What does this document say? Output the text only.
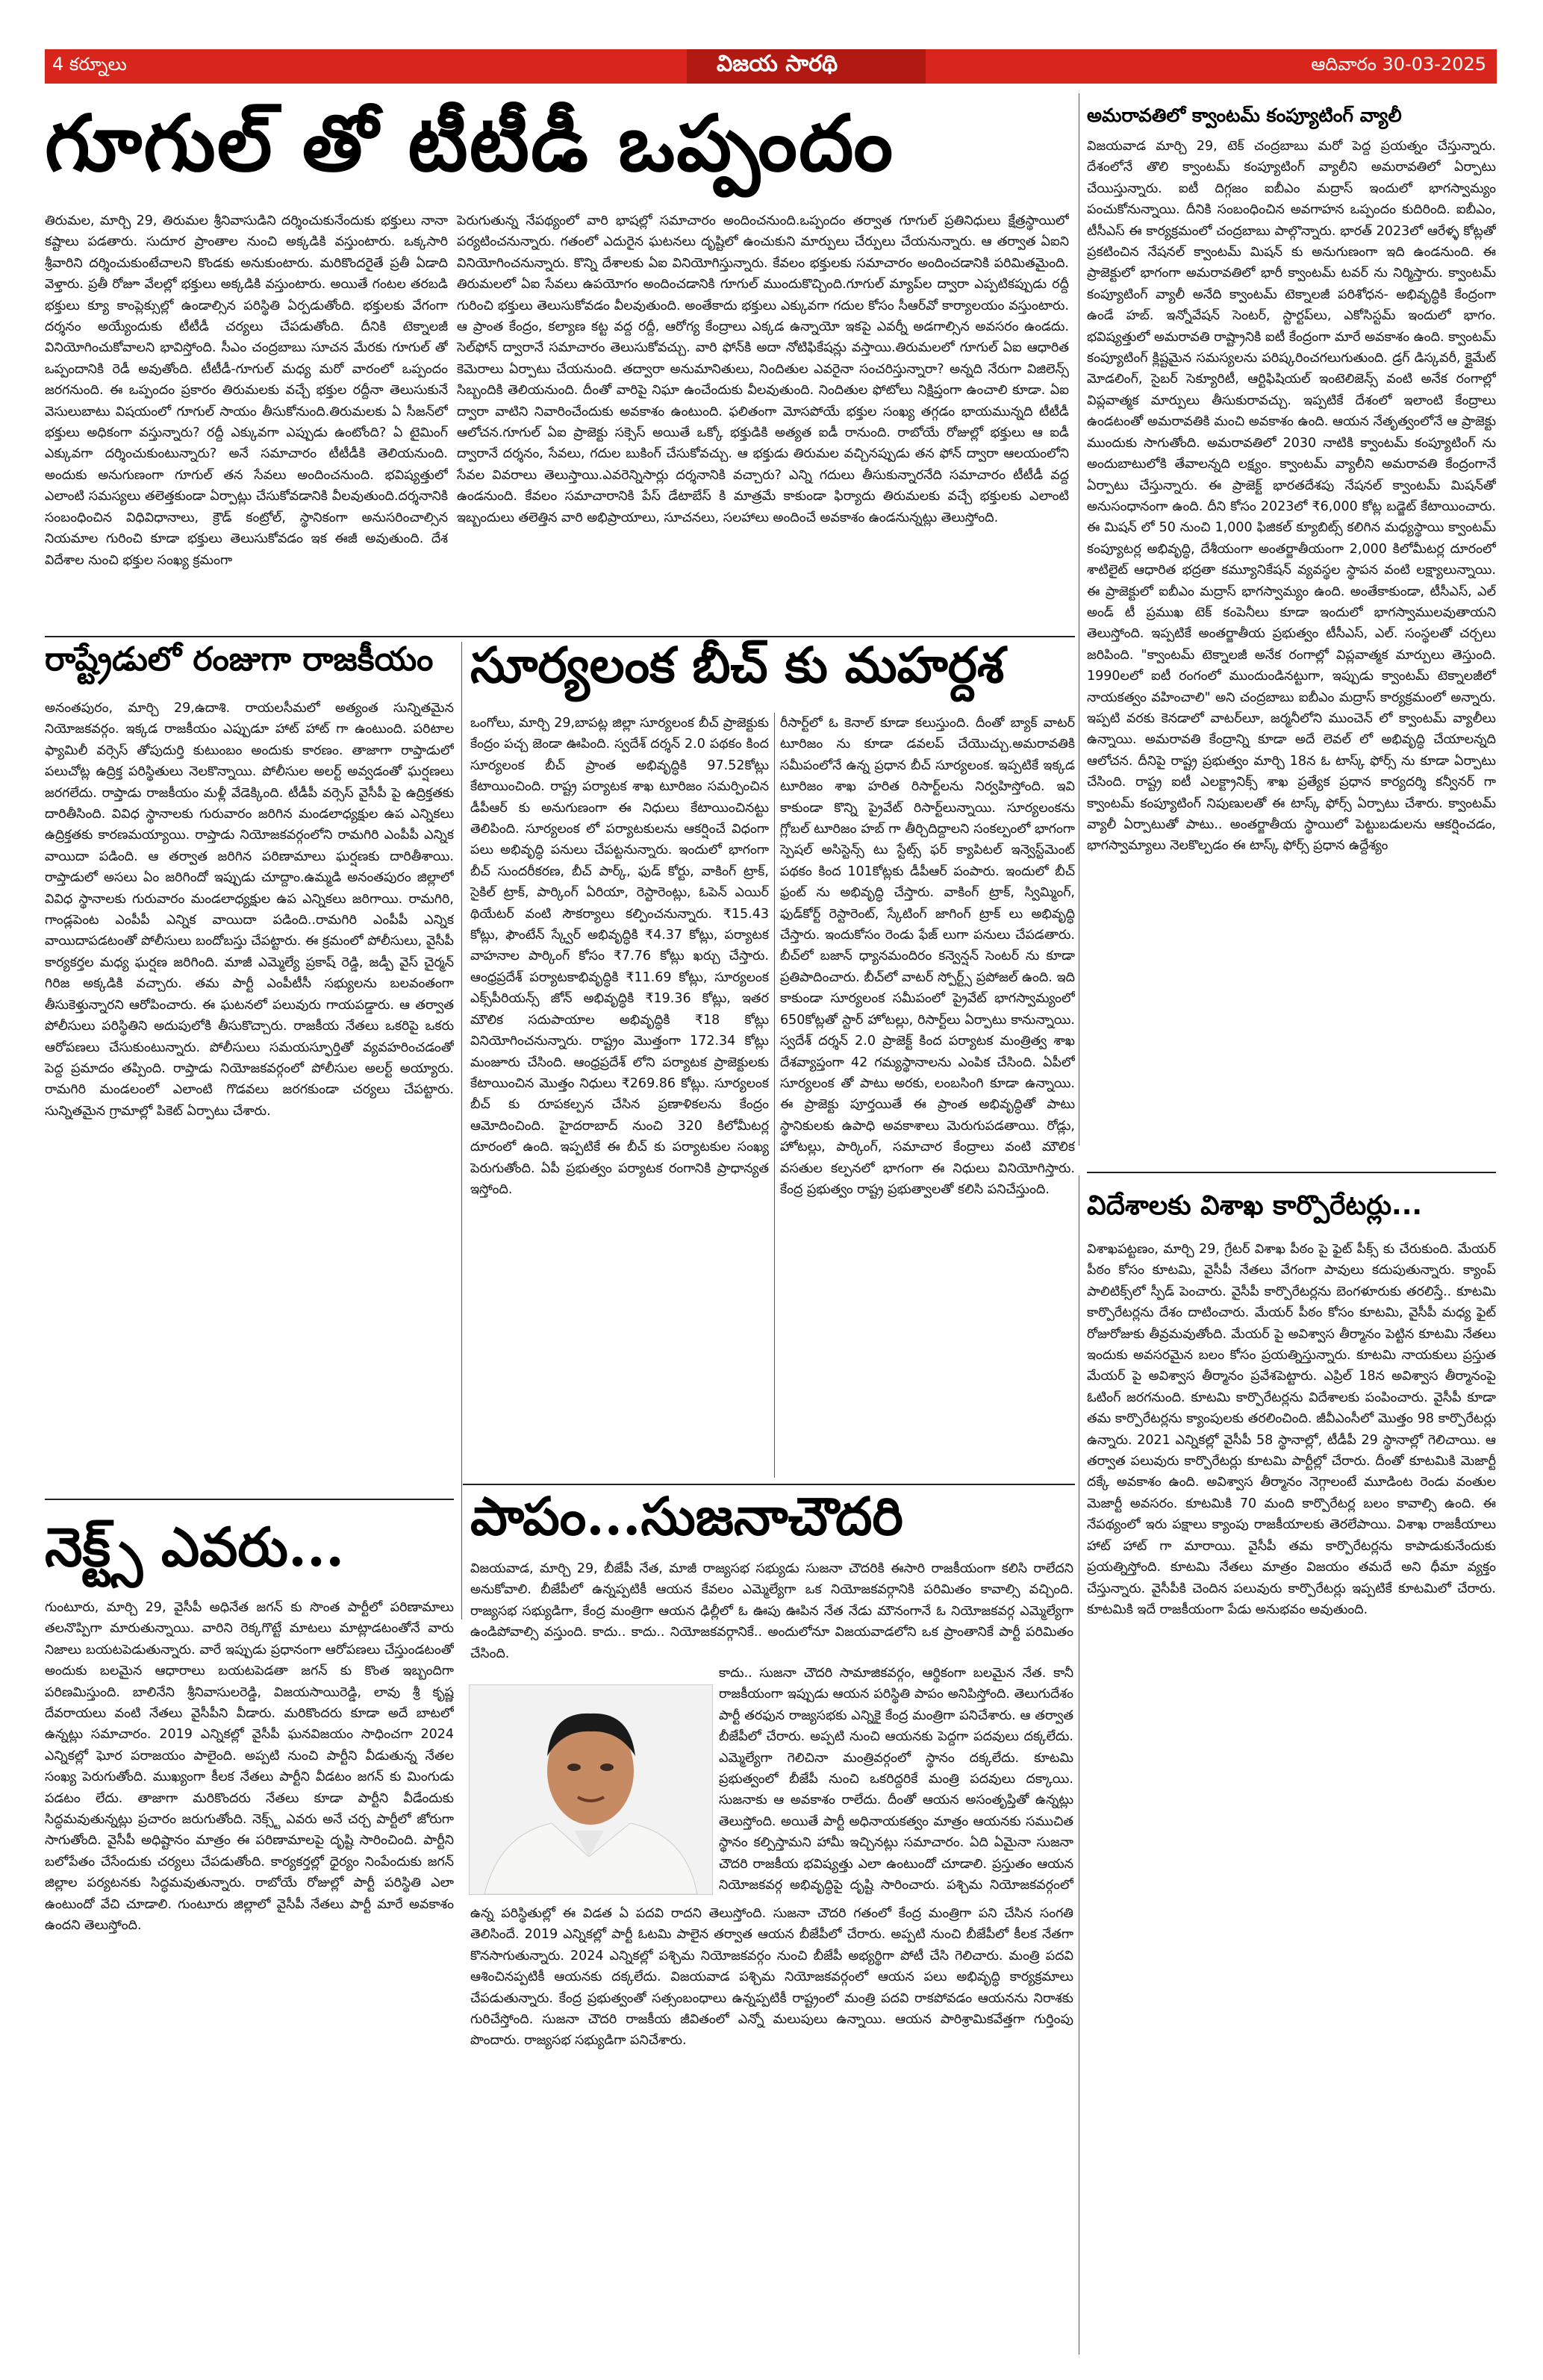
4 కర్నూలు	విజయ సారథి	ఆదివారం 30-03-2025
గూగుల్ తో టీటీడీ ఒప్పందం
తిరుమల, మార్చి 29, తిరుమల శ్రీనివాసుడిని దర్శించుకునేందుకు భక్తులు నానా కష్టాలు పడతారు. సుదూర ప్రాంతాల నుంచి అక్కడికి వస్తుంటారు. ఒక్కసారి శ్రీవారిని దర్శించుకుంటేచాలని కొండకు అనుకుంటారు. మరికొందరైతే ప్రతీ ఏడాది వెళ్తారు. ప్రతీ రోజూ వేలల్లో భక్తులు అక్కడికి వస్తుంటారు. అయితే గంటల తరబడి భక్తులు క్యూ కాంప్లెక్సుల్లో ఉండాల్సిన పరిస్థితి ఏర్పడుతోంది. భక్తులకు వేగంగా దర్శనం అయ్యేందుకు టీటీడీ చర్యలు చేపడుతోంది. దీనికి టెక్నాలజీ వినియోగించుకోవాలని భావిస్తోంది. సీఎం చంద్రబాబు సూచన మేరకు గూగుల్ తో ఒప్పందానికి రెడీ అవుతోంది. టీటీడీ-గూగుల్ మధ్య మరో వారంలో ఒప్పందం జరగనుంది. ఈ ఒప్పందం ప్రకారం తిరుమలకు వచ్చే భక్తుల రద్దీనా తెలుసుకునే వెసులుబాటు విషయంలో గూగుల్ సాయం తీసుకోనుంది.తిరుమలకు ఏ సీజన్‌లో భక్తులు అధికంగా వస్తున్నారు? రద్దీ ఎక్కువగా ఎప్పుడు ఉంటోంది? ఏ టైమింగ్ ఎక్కువగా దర్శించుకుంటున్నారు? అనే సమాచారం టీటీడీకి తెలియనుంది. అందుకు అనుగుణంగా గూగుల్ తన సేవలు అందించనుంది. భవిష్యత్తులో ఎలాంటి సమస్యలు తలెత్తకుండా ఏర్పాట్లు చేసుకోవడానికి వీలవుతుంది.దర్శనానికి సంబంధించిన విధివిధానాలు, క్రౌడ్ కంట్రోల్, స్థానికంగా అనుసరించాల్సిన నియమాల గురించి కూడా భక్తులు తెలుసుకోవడం ఇక ఈజీ అవుతుంది. దేశ విదేశాల నుంచి భక్తుల సంఖ్య క్రమంగా
పెరుగుతున్న నేపథ్యంలో వారి భాషల్లో సమాచారం అందించనుంది.ఒప్పందం తర్వాత గూగుల్ ప్రతినిధులు క్షేత్రస్థాయిలో పర్యటించనున్నారు. గతంలో ఎదురైన ఘటనలు దృష్టిలో ఉంచుకుని మార్పులు చేర్పులు చేయనున్నారు. ఆ తర్వాత ఏఐని వినియోగించనున్నారు. కొన్ని దేశాలకు ఏఐ వినియోగిస్తున్నారు. కేవలం భక్తులకు సమాచారం అందించడానికి పరిమితమైంది. తిరుమలలో ఏఐ సేవలు ఉపయోగం అందించడానికి గూగుల్ ముందుకొచ్చింది.గూగుల్ మ్యాప్‌ల ద్వారా ఎప్పటికప్పుడు రద్దీ గురించి భక్తులు తెలుసుకోవడం వీలవుతుంది. అంతేకాదు భక్తులు ఎక్కువగా గదుల కోసం సీఆర్‌వో కార్యాలయం వస్తుంటారు. ఆ ప్రాంత కేంద్రం, కల్యాణ కట్ట వద్ద రద్దీ, ఆరోగ్య కేంద్రాలు ఎక్కడ ఉన్నాయో ఇకపై ఎవర్నీ అడగాల్సిన అవసరం ఉండదు. సెల్‌ఫోన్ ద్వారానే సమాచారం తెలుసుకోవచ్చు. వారి ఫోన్‌కి అదా నోటిఫికేషన్లు వస్తాయి.తిరుమలలో గూగుల్ ఏఐ ఆధారిత కెమెరాలు ఏర్పాటు చేయనుంది. తద్వారా అనుమానితులు, నిందితుల ఎవరైనా సంచరిస్తున్నారా? అన్నది నేరుగా విజిలెన్స్ సిబ్బందికి తెలియనుంది. దీంతో వారిపై నిఘా ఉంచేందుకు వీలవుతుంది. నిందితుల ఫోటోలు నిక్షిప్తంగా ఉంచాలి కూడా. ఏఐ ద్వారా వాటిని నివారించేందుకు అవకాశం ఉంటుంది. ఫలితంగా మోసపోయే భక్తుల సంఖ్య తగ్గడం భాయమున్నది టీటీడీ ఆలోచన.గూగుల్ ఏఐ ప్రాజెక్టు సక్సెస్ అయితే ఒక్కో భక్తుడికి అత్యత ఐడీ రానుంది. రాబోయే రోజుల్లో భక్తులు ఆ ఐడీ ద్వారానే దర్శనం, సేవలు, గదుల బుకింగ్ చేసుకోవచ్చు. ఆ భక్తుడు తిరుమల వచ్చినప్పుడు తన ఫోన్ ద్వారా ఆలయంలోని సేవల వివరాలు తెలుస్తాయి.ఎవరెన్నిసార్లు దర్శనానికి వచ్చారు? ఎన్ని గదులు తీసుకున్నారనేది సమాచారం టీటీడీ వద్ద ఉండనుంది. కేవలం సమాచారానికి పేస్ డేటాబేస్ కి మాత్రమే కాకుండా ఫిర్యాదు తిరుమలకు వచ్చే భక్తులకు ఎలాంటి ఇబ్బందులు తలెత్తిన వారి అభిప్రాయాలు, సూచనలు, సలహాలు అందించే అవకాశం ఉండనున్నట్లు తెలుస్తోంది.
అమరావతిలో క్వాంటమ్ కంప్యూటింగ్ వ్యాలీ
విజయవాడ మార్చి 29, టెక్ చంద్రబాబు మరో పెద్ద ప్రయత్నం చేస్తున్నారు. దేశంలోనే తొలి క్వాంటమ్ కంప్యూటింగ్ వ్యాలీని అమరావతిలో ఏర్పాటు చేయిస్తున్నారు. ఐటీ దిగ్గజం ఐబీఎం మద్రాస్ ఇందులో భాగస్వామ్యం పంచుకోనున్నాయి. దీనికి సంబంధించిన అవగాహన ఒప్పందం కుదిరింది. ఐబీఎం, టీసీఎస్ ఈ కార్యక్రమంలో చంద్రబాబు పాల్గొన్నారు. భారత్ 2023లో ఆరేళ్ళ కోట్లతో ప్రకటించిన నేషనల్ క్వాంటమ్ మిషన్ కు అనుగుణంగా ఇది ఉండనుంది. ఈ ప్రాజెక్టులో భాగంగా అమరావతిలో భారీ క్వాంటమ్ టవర్ ను నిర్మిస్తారు. క్వాంటమ్ కంప్యూటింగ్ వ్యాలీ అనేది క్వాంటమ్ టెక్నాలజీ పరిశోధన- అభివృద్ధికి కేంద్రంగా ఉండే హబ్. ఇన్నోవేషన్ సెంటర్, స్టార్టప్‌లు, ఎకోసిస్టమ్ ఇందులో భాగం. భవిష్యత్తులో అమరావతి రాష్ట్రానికి ఐటీ కేంద్రంగా మారే అవకాశం ఉంది. క్వాంటమ్ కంప్యూటింగ్ క్లిష్టమైన సమస్యలను పరిష్కరించగలుగుతుంది. డ్రగ్ డిస్కవరీ, క్లైమేట్ మోడలింగ్, సైబర్ సెక్యూరిటీ, ఆర్టిఫిషియల్ ఇంటెలిజెన్స్ వంటి అనేక రంగాల్లో విప్లవాత్మక మార్పులు తీసుకురావచ్చు. ఇప్పటికే దేశంలో ఇలాంటి కేంద్రాలు ఉండటంతో అమరావతికి మంచి అవకాశం ఉంది. ఆయన నేతృత్వంలోనే ఆ ప్రాజెక్టు ముందుకు సాగుతోంది. అమరావతిలో 2030 నాటికి క్వాంటమ్ కంప్యూటింగ్ ను అందుబాటులోకి తేవాలన్నది లక్ష్యం. క్వాంటమ్ వ్యాలీని అమరావతి కేంద్రంగానే ఏర్పాటు చేస్తున్నారు. ఈ ప్రాజెక్ట్ భారతదేశపు నేషనల్ క్వాంటమ్ మిషన్‌తో అనుసంధానంగా ఉంది. దీని కోసం 2023లో ₹6,000 కోట్ల బడ్జెట్ కేటాయించారు. ఈ మిషన్ లో 50 నుంచి 1,000 ఫిజికల్ క్యూబిట్స్ కలిగిన మధ్యస్థాయి క్వాంటమ్ కంప్యూటర్ల అభివృద్ధి, దేశీయంగా అంతర్జాతీయంగా 2,000 కిలోమీటర్ల దూరంలో శాటిలైట్ ఆధారిత భద్రతా కమ్యూనికేషన్ వ్యవస్థల స్థాపన వంటి లక్ష్యాలున్నాయి. ఈ ప్రాజెక్టులో ఐబీఎం మద్రాస్ భాగస్వామ్యం ఉంది. అంతేకాకుండా, టీసీఎస్, ఎల్ అండ్ టీ ప్రముఖ టెక్ కంపెనీలు కూడా ఇందులో భాగస్వాములవుతాయని తెలుస్తోంది. ఇప్పటికే అంతర్జాతీయ ప్రభుత్వం టీసీఎస్, ఎల్. సంస్థలతో చర్చలు జరిపింది. "క్వాంటమ్ టెక్నాలజీ అనేక రంగాల్లో విప్లవాత్మక మార్పులు తెస్తుంది. 1990లలో ఐటీ రంగంలో ముందుండినట్టుగా, ఇప్పుడు క్వాంటమ్ టెక్నాలజీలో నాయకత్వం వహించాలి" అని చంద్రబాబు ఐబీఎం మద్రాస్ కార్యక్రమంలో అన్నారు. ఇప్పటి వరకు కెనడాలో వాటర్‌లూ, జర్మనీలోని ముంచెన్ లో క్వాంటమ్ వ్యాలీలు ఉన్నాయి. అమరావతి కేంద్రాన్ని కూడా అదే లెవల్ లో అభివృద్ధి చేయాలన్నది ఆలోచన. దీనిపై రాష్ట్ర ప్రభుత్వం మార్చి 18న ఓ టాస్క్ ఫోర్స్ ను కూడా ఏర్పాటు చేసింది. రాష్ట్ర ఐటీ ఎలక్ట్రానిక్స్ శాఖ ప్రత్యేక ప్రధాన కార్యదర్శి కన్వీనర్ గా క్వాంటమ్ కంప్యూటింగ్ నిపుణులతో ఈ టాస్క్ ఫోర్స్ ఏర్పాటు చేశారు. క్వాంటమ్ వ్యాలీ ఏర్పాటుతో పాటు.. అంతర్జాతీయ స్థాయిలో పెట్టుబడులను ఆకర్షించడం, భాగస్వామ్యాలు నెలకొల్పడం ఈ టాస్క్ ఫోర్స్ ప్రధాన ఉద్దేశ్యం
రాష్ట్రేడులో రంజుగా రాజకీయం
అనంతపురం, మార్చి 29,ఉదాశి. రాయలసీమలో అత్యంత సున్నితమైన నియోజకవర్గం. ఇక్కడ రాజకీయం ఎప్పుడూ హాట్ హాట్ గా ఉంటుంది. పరిటాల ఫ్యామిలీ వర్సెస్ తోపుదుర్తి కుటుంబం అందుకు కారణం. తాజాగా రాప్తాడులో పలుచోట్ల ఉద్రిక్త పరిస్థితులు నెలకొన్నాయి. పోలీసుల అలర్ట్ అవ్వడంతో ఘర్షణలు జరగలేదు. రాప్తాడు రాజకీయం మళ్లీ వేడెక్కింది. టీడీపీ వర్సెస్ వైసీపీ పై ఉద్రిక్తతకు దారితీసింది. వివిధ స్థానాలకు గురువారం జరిగిన మండలాధ్యక్షుల ఉప ఎన్నికలు ఉద్రిక్తతకు కారణమయ్యాయి. రాప్తాడు నియోజకవర్గంలోని రామగిరి ఎంపీపీ ఎన్నిక వాయిదా పడింది. ఆ తర్వాత జరిగిన పరిణామాలు ఘర్షణకు దారితీశాయి. రాప్తాడులో అసలు ఏం జరిగిందో ఇప్పుడు చూద్దాం.ఉమ్మడి అనంతపురం జిల్లాలో వివిధ స్థానాలకు గురువారం మండలాధ్యక్షుల ఉప ఎన్నికలు జరిగాయి. రామగిరి, గాండ్లపెంట ఎంపీపీ ఎన్నిక వాయిదా పడింది..రామగిరి ఎంపీపీ ఎన్నిక వాయిదాపడటంతో పోలీసులు బందోబస్తు చేపట్టారు. ఈ క్రమంలో పోలీసులు, వైసీపీ కార్యకర్తల మధ్య ఘర్షణ జరిగింది. మాజీ ఎమ్మెల్యే ప్రకాష్ రెడ్డి, జడ్పీ వైస్ చైర్మన్ గిరిజ అక్కడికి వచ్చారు. తమ పార్టీ ఎంపీటీసీ సభ్యులను బలవంతంగా తీసుకెళ్తున్నారని ఆరోపించారు. ఈ ఘటనలో పలువురు గాయపడ్డారు. ఆ తర్వాత పోలీసులు పరిస్థితిని అదుపులోకి తీసుకొచ్చారు. రాజకీయ నేతలు ఒకరిపై ఒకరు ఆరోపణలు చేసుకుంటున్నారు. పోలీసులు సమయస్ఫూర్తితో వ్యవహరించడంతో పెద్ద ప్రమాదం తప్పింది. రాప్తాడు నియోజకవర్గంలో పోలీసుల అలర్ట్ అయ్యారు. రామగిరి మండలంలో ఎలాంటి గొడవలు జరగకుండా చర్యలు చేపట్టారు. సున్నితమైన గ్రామాల్లో పికెట్ ఏర్పాటు చేశారు.
సూర్యలంక బీచ్ కు మహర్దశ
ఒంగోలు, మార్చి 29,బాపట్ల జిల్లా సూర్యలంక బీచ్ ప్రాజెక్టుకు కేంద్రం పచ్చ జెండా ఊపింది. స్వదేశ్ దర్శన్ 2.0 పథకం కింద సూర్యలంక బీచ్ ప్రాంత అభివృద్ధికి 97.52కోట్లు కేటాయించింది. రాష్ట్ర పర్యాటక శాఖ టూరిజం సమర్పించిన డీపీఆర్ కు అనుగుణంగా ఈ నిధులు కేటాయించినట్టు తెలిపింది. సూర్యలంక లో పర్యాటకులను ఆకర్షించే విధంగా పలు అభివృద్ధి పనులు చేపట్టనున్నారు. ఇందులో భాగంగా బీచ్ సుందరీకరణ, బీచ్ పార్క్, ఫుడ్ కోర్టు, వాకింగ్ ట్రాక్, సైకిల్ ట్రాక్, పార్కింగ్ ఏరియా, రెస్టారెంట్లు, ఓపెన్ ఎయిర్ థియేటర్ వంటి సౌకర్యాలు కల్పించనున్నారు. ₹15.43 కోట్లు, ఫౌంటేన్ స్క్వేర్ అభివృద్ధికి ₹4.37 కోట్లు, పర్యాటక వాహనాల పార్కింగ్ కోసం ₹7.76 కోట్లు ఖర్చు చేస్తారు. ఆంధ్రప్రదేశ్ పర్యాటకాభివృద్ధికి ₹11.69 కోట్లు, సూర్యలంక ఎక్స్‌పీరియన్స్ జోన్ అభివృద్ధికి ₹19.36 కోట్లు, ఇతర మౌలిక సదుపాయాల అభివృద్ధికి ₹18 కోట్లు వినియోగించనున్నారు. రాష్ట్రం మొత్తంగా 172.34 కోట్లు మంజూరు చేసింది. ఆంధ్రప్రదేశ్ లోని పర్యాటక ప్రాజెక్టులకు కేటాయించిన మొత్తం నిధులు ₹269.86 కోట్లు. సూర్యలంక బీచ్ కు రూపకల్పన చేసిన ప్రణాళికలను కేంద్రం ఆమోదించింది. హైదరాబాద్ నుంచి 320 కిలోమీటర్ల దూరంలో ఉంది. ఇప్పటికే ఈ బీచ్ కు పర్యాటకుల సంఖ్య పెరుగుతోంది. ఏపీ ప్రభుత్వం పర్యాటక రంగానికి ప్రాధాన్యత ఇస్తోంది.
రీసార్ట్‌లో ఓ కెనాల్ కూడా కలుస్తుంది. దీంతో బ్యాక్ వాటర్ టూరిజం ను కూడా డవలప్ చేయొచ్చు.అమరావతికి సమీపంలోనే ఉన్న ప్రధాన బీచ్ సూర్యలంక. ఇప్పటికే ఇక్కడ టూరిజం శాఖ హరిత రిసార్ట్‌లను నిర్వహిస్తోంది. ఇవి కాకుండా కొన్ని ప్రైవేట్ రిసార్ట్‌లున్నాయి. సూర్యలంకను గ్లోబల్ టూరిజం హబ్ గా తీర్చిదిద్దాలని సంకల్పంలో భాగంగా స్పెషల్ అసిస్టెన్స్ టు స్టేట్స్ ఫర్ క్యాపిటల్ ఇన్వెస్ట్‌మెంట్ పథకం కింద 101కోట్లకు డీపీఆర్ పంపారు. ఇందులో బీచ్ ఫ్రంట్ ను అభివృద్ధి చేస్తారు. వాకింగ్ ట్రాక్, స్విమ్మింగ్, ఫుడ్‌కోర్ట్ రెస్టారెంట్, స్కేటింగ్ జాగింగ్ ట్రాక్ లు అభివృద్ధి చేస్తారు. ఇందుకోసం రెండు ఫేజ్ లుగా పనులు చేపడతారు. బీచ్‌లో బజాన్ ధ్యానమందిరం కన్వెన్షన్ సెంటర్ ను కూడా ప్రతిపాదించారు. బీచ్‌లో వాటర్ స్పోర్ట్స్ ప్రపోజల్ ఉంది. ఇది కాకుండా సూర్యలంక సమీపంలో ప్రైవేట్ భాగస్వామ్యంలో 650కోట్లతో స్టార్ హోటల్లు, రిసార్ట్‌లు ఏర్పాటు కానున్నాయి. స్వదేశ్ దర్శన్ 2.0 ప్రాజెక్ట్ కింద పర్యాటక మంత్రిత్వ శాఖ దేశవ్యాప్తంగా 42 గమ్యస్థానాలను ఎంపిక చేసింది. ఏపీలో సూర్యలంక తో పాటు అరకు, లంబసింగి కూడా ఉన్నాయి. ఈ ప్రాజెక్టు పూర్తయితే ఈ ప్రాంత అభివృద్ధితో పాటు స్థానికులకు ఉపాధి అవకాశాలు మెరుగుపడతాయి. రోడ్లు, హోటల్లు, పార్కింగ్, సమాచార కేంద్రాలు వంటి మౌలిక వసతుల కల్పనలో భాగంగా ఈ నిధులు వినియోగిస్తారు. కేంద్ర ప్రభుత్వం రాష్ట్ర ప్రభుత్వాలతో కలిసి పనిచేస్తుంది.
విదేశాలకు విశాఖ కార్పొరేటర్లు...
విశాఖపట్టణం, మార్చి 29, గ్రేటర్ విశాఖ పీఠం పై ఫైట్ పీక్స్ కు చేరుకుంది. మేయర్ పీఠం కోసం కూటమి, వైసీపీ నేతలు వేగంగా పావులు కదుపుతున్నారు. క్యాంప్ పాలిటిక్స్‌లో స్పీడ్ పెంచారు. వైసీపీ కార్పొరేటర్లను బెంగళూరుకు తరలిస్తే.. కూటమి కార్పొరేటర్లను దేశం దాటించారు. మేయర్ పీఠం కోసం కూటమి, వైసీపీ మధ్య ఫైట్ రోజురోజుకు తీవ్రమవుతోంది. మేయర్ పై అవిశ్వాస తీర్మానం పెట్టిన కూటమి నేతలు ఇందుకు అవసరమైన బలం కోసం ప్రయత్నిస్తున్నారు. కూటమి నాయకులు ప్రస్తుత మేయర్ పై అవిశ్వాస తీర్మానం ప్రవేశపెట్టారు. ఎప్రిల్ 18న అవిశ్వాస తీర్మానంపై ఓటింగ్ జరగనుంది. కూటమి కార్పొరేటర్లను విదేశాలకు పంపించారు. వైసీపీ కూడా తమ కార్పొరేటర్లను క్యాంపులకు తరలించింది. జీవీఎంసీలో మొత్తం 98 కార్పొరేటర్లు ఉన్నారు. 2021 ఎన్నికల్లో వైసీపీ 58 స్థానాల్లో, టీడీపీ 29 స్థానాల్లో గెలిచాయి. ఆ తర్వాత పలువురు కార్పొరేటర్లు కూటమి పార్టీల్లో చేరారు. దీంతో కూటమికి మెజార్టీ దక్కే అవకాశం ఉంది. అవిశ్వాస తీర్మానం నెగ్గాలంటే మూడింట రెండు వంతుల మెజార్టీ అవసరం. కూటమికి 70 మంది కార్పొరేటర్ల బలం కావాల్సి ఉంది. ఈ నేపథ్యంలో ఇరు పక్షాలు క్యాంపు రాజకీయాలకు తెరలేపాయి. విశాఖ రాజకీయాలు హాట్ హాట్ గా మారాయి. వైసీపీ తమ కార్పొరేటర్లను కాపాడుకునేందుకు ప్రయత్నిస్తోంది. కూటమి నేతలు మాత్రం విజయం తమదే అని ధీమా వ్యక్తం చేస్తున్నారు. వైసీపీకి చెందిన పలువురు కార్పొరేటర్లు ఇప్పటికే కూటమిలో చేరారు. కూటమికి ఇదే రాజకీయంగా పేడు అనుభవం అవుతుంది.
పాపం...సుజనాచౌదరి
విజయవాడ, మార్చి 29, బీజేపీ నేత, మాజీ రాజ్యసభ సభ్యుడు సుజనా చౌదరికి ఈసారి రాజకీయంగా కలిసి రాలేదని అనుకోవాలి. బీజేపీలో ఉన్నప్పటికీ ఆయన కేవలం ఎమ్మెల్యేగా ఒక నియోజకవర్గానికి పరిమితం కావాల్సి వచ్చింది. రాజ్యసభ సభ్యుడిగా, కేంద్ర మంత్రిగా ఆయన ఢిల్లీలో ఓ ఊపు ఊపిన నేత నేడు మౌనంగానే ఓ నియోజకవర్గ ఎమ్మెల్యేగా ఉండిపోవాల్సి వస్తుంది. కాదు.. కాదు.. నియోజకవర్గానికే.. అందులోనూ విజయవాడలోని ఒక ప్రాంతానికే పార్టీ పరిమితం చేసింది.
ఉన్న పరిస్థితుల్లో ఈ విడత ఏ పదవి రాదని తెలుస్తోంది. సుజనా చౌదరి గతంలో కేంద్ర మంత్రిగా పని చేసిన సంగతి తెలిసిందే. 2019 ఎన్నికల్లో పార్టీ ఓటమి పాలైన తర్వాత ఆయన బీజేపీలో చేరారు. అప్పటి నుంచి బీజేపీలో కీలక నేతగా కొనసాగుతున్నారు. 2024 ఎన్నికల్లో పశ్చిమ నియోజకవర్గం నుంచి బీజేపీ అభ్యర్థిగా పోటీ చేసి గెలిచారు. మంత్రి పదవి ఆశించినప్పటికీ ఆయనకు దక్కలేదు. విజయవాడ పశ్చిమ నియోజకవర్గంలో ఆయన పలు అభివృద్ధి కార్యక్రమాలు చేపడుతున్నారు. కేంద్ర ప్రభుత్వంతో సత్సంబంధాలు ఉన్నప్పటికీ రాష్ట్రంలో మంత్రి పదవి రాకపోవడం ఆయనను నిరాశకు గురిచేస్తోంది. సుజనా చౌదరి రాజకీయ జీవితంలో ఎన్నో మలుపులు ఉన్నాయి. ఆయన పారిశ్రామికవేత్తగా గుర్తింపు పొందారు. రాజ్యసభ సభ్యుడిగా పనిచేశారు.
కాదు.. సుజనా చౌదరి సామాజికవర్గం, ఆర్థికంగా బలమైన నేత. కానీ రాజకీయంగా ఇప్పుడు ఆయన పరిస్థితి పాపం అనిపిస్తోంది. తెలుగుదేశం పార్టీ తరఫున రాజ్యసభకు ఎన్నికై కేంద్ర మంత్రిగా పనిచేశారు. ఆ తర్వాత బీజేపీలో చేరారు. అప్పటి నుంచి ఆయనకు పెద్దగా పదవులు దక్కలేదు. ఎమ్మెల్యేగా గెలిచినా మంత్రివర్గంలో స్థానం దక్కలేదు. కూటమి ప్రభుత్వంలో బీజేపీ నుంచి ఒకరిద్దరికే మంత్రి పదవులు దక్కాయి. సుజనాకు ఆ అవకాశం రాలేదు. దీంతో ఆయన అసంతృప్తితో ఉన్నట్లు తెలుస్తోంది. అయితే పార్టీ అధినాయకత్వం మాత్రం ఆయనకు సముచిత స్థానం కల్పిస్తామని హామీ ఇచ్చినట్లు సమాచారం. ఏది ఏమైనా సుజనా చౌదరి రాజకీయ భవిష్యత్తు ఎలా ఉంటుందో చూడాలి. ప్రస్తుతం ఆయన నియోజకవర్గ అభివృద్ధిపై దృష్టి సారించారు. పశ్చిమ నియోజకవర్గంలో
నెక్ట్స్ ఎవరు...
గుంటూరు, మార్చి 29, వైసీపీ అధినేత జగన్ కు సొంత పార్టీలో పరిణామాలు తలనొప్పిగా మారుతున్నాయి. వారిని రెక్కగొట్టే మాటలు మాట్లాడటంతోనే వారు నిజాలు బయటపెడుతున్నారు. వారే ఇప్పుడు ప్రధానంగా ఆరోపణలు చేస్తుండటంతో అందుకు బలమైన ఆధారాలు బయటపెడతా జగన్ కు కొంత ఇబ్బందిగా పరిణమిస్తుంది. బాలినేని శ్రీనివాసులరెడ్డి, విజయసాయిరెడ్డి, లావు శ్రీ కృష్ణ దేవరాయలు వంటి నేతలు వైసీపీని వీడారు. మరికొందరు కూడా అదే బాటలో ఉన్నట్లు సమాచారం. 2019 ఎన్నికల్లో వైసీపీ ఘనవిజయం సాధించగా 2024 ఎన్నికల్లో ఘోర పరాజయం పాలైంది. అప్పటి నుంచి పార్టీని వీడుతున్న నేతల సంఖ్య పెరుగుతోంది. ముఖ్యంగా కీలక నేతలు పార్టీని వీడటం జగన్ కు మింగుడు పడటం లేదు. తాజాగా మరికొందరు నేతలు కూడా పార్టీని వీడేందుకు సిద్ధమవుతున్నట్లు ప్రచారం జరుగుతోంది. నెక్స్ట్ ఎవరు అనే చర్చ పార్టీలో జోరుగా సాగుతోంది. వైసీపీ అధిష్టానం మాత్రం ఈ పరిణామాలపై దృష్టి సారించింది. పార్టీని బలోపేతం చేసేందుకు చర్యలు చేపడుతోంది. కార్యకర్తల్లో ధైర్యం నింపేందుకు జగన్ జిల్లాల పర్యటనకు సిద్ధమవుతున్నారు. రాబోయే రోజుల్లో పార్టీ పరిస్థితి ఎలా ఉంటుందో వేచి చూడాలి. గుంటూరు జిల్లాలో వైసీపీ నేతలు పార్టీ మారే అవకాశం ఉందని తెలుస్తోంది.
